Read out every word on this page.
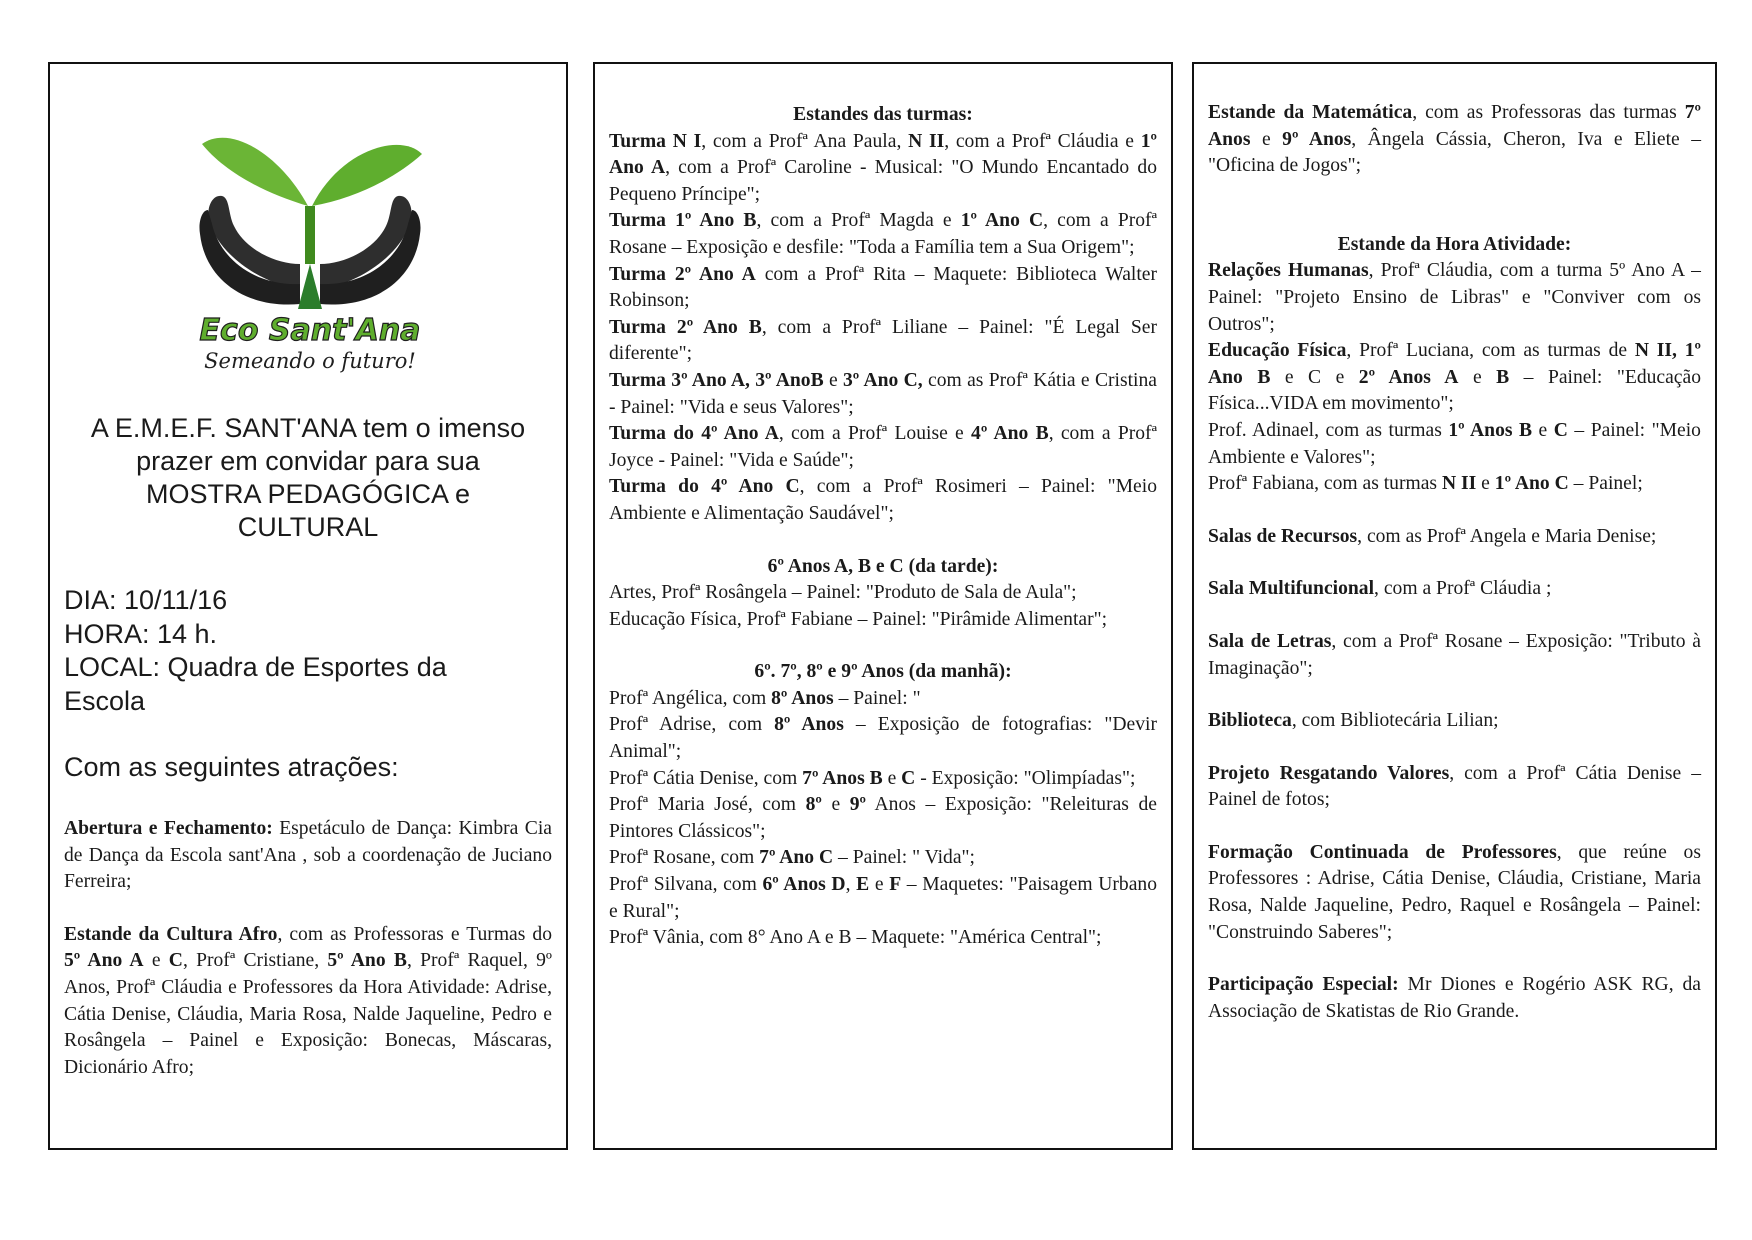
Eco Sant'Ana
Semeando o futuro!
A E.M.E.F. SANT'ANA tem o imenso
prazer em convidar para sua
MOSTRA PEDAGÓGICA e
CULTURAL

DIA: 10/11/16

HORA: 14 h.

LOCAL: Quadra de Esportes da

Escola

Com as seguintes atrações:

Abertura e Fechamento: Espetáculo de Dança: Kimbra Cia de Dança da Escola sant'Ana , sob a coordenação de Juciano Ferreira;

Estande da Cultura Afro, com as Professoras e Turmas do 5º Ano A e C, Profª Cristiane, 5º Ano B, Profª Raquel, 9º Anos, Profª Cláudia e Professores da Hora Atividade: Adrise, Cátia Denise, Cláudia, Maria Rosa, Nalde Jaqueline, Pedro e Rosângela – Painel e Exposição: Bonecas, Máscaras, Dicionário Afro;

Estandes das turmas:

Turma N I, com a Profª Ana Paula, N II, com a Profª Cláudia e 1º Ano A, com a Profª Caroline - Musical: "O Mundo Encantado do Pequeno Príncipe";

Turma 1º Ano B, com a Profª Magda e 1º Ano C, com a Profª Rosane – Exposição e desfile: "Toda a Família tem a Sua Origem";

Turma 2º Ano A com a Profª Rita – Maquete: Biblioteca Walter Robinson;

Turma 2º Ano B, com a Profª Liliane – Painel: "É Legal Ser diferente";

Turma 3º Ano A, 3º AnoB e 3º Ano C, com as Profª Kátia e Cristina - Painel: "Vida e seus Valores";

Turma do 4º Ano A, com a Profª Louise e 4º Ano B, com a Profª Joyce - Painel: "Vida e Saúde";

Turma do 4º Ano C, com a Profª Rosimeri – Painel: "Meio Ambiente e Alimentação Saudável";

6º Anos A, B e C (da tarde):

Artes, Profª Rosângela – Painel: "Produto de Sala de Aula";

Educação Física, Profª Fabiane – Painel: "Pirâmide Alimentar";

6º. 7º, 8º e 9º Anos (da manhã):

Profª Angélica, com 8º Anos – Painel: "

Profª Adrise, com 8º Anos – Exposição de fotografias: "Devir Animal";

Profª Cátia Denise, com 7º Anos B e C - Exposição: "Olimpíadas";

Profª Maria José, com 8º e 9º Anos – Exposição: "Releituras de Pintores Clássicos";

Profª Rosane, com 7º Ano C – Painel: " Vida";

Profª Silvana, com 6º Anos D, E e F – Maquetes: "Paisagem Urbano e Rural";

Profª Vânia, com 8° Ano A e B – Maquete: "América Central";

Estande da Matemática, com as Professoras das turmas 7º Anos e 9º Anos, Ângela Cássia, Cheron, Iva e Eliete – "Oficina de Jogos";

Estande da Hora Atividade:

Relações Humanas, Profª Cláudia, com a turma 5º Ano A – Painel: "Projeto Ensino de Libras" e "Conviver com os Outros";

Educação Física, Profª Luciana, com as turmas de N II, 1º Ano B e C e 2º Anos A e B – Painel: "Educação Física...VIDA em movimento";

Prof. Adinael, com as turmas 1º Anos B e C – Painel: "Meio Ambiente e Valores";

Profª Fabiana, com as turmas N II e 1º Ano C – Painel;

Salas de Recursos, com as Profª Angela e Maria Denise;

Sala Multifuncional, com a Profª Cláudia ;

Sala de Letras, com a Profª Rosane – Exposição: "Tributo à Imaginação";

Biblioteca, com Bibliotecária Lilian;

Projeto Resgatando Valores, com a Profª Cátia Denise – Painel de fotos;

Formação Continuada de Professores, que reúne os Professores : Adrise, Cátia Denise, Cláudia, Cristiane, Maria Rosa, Nalde Jaqueline, Pedro, Raquel e Rosângela – Painel: "Construindo Saberes";

Participação Especial: Mr Diones e Rogério ASK RG, da Associação de Skatistas de Rio Grande.
